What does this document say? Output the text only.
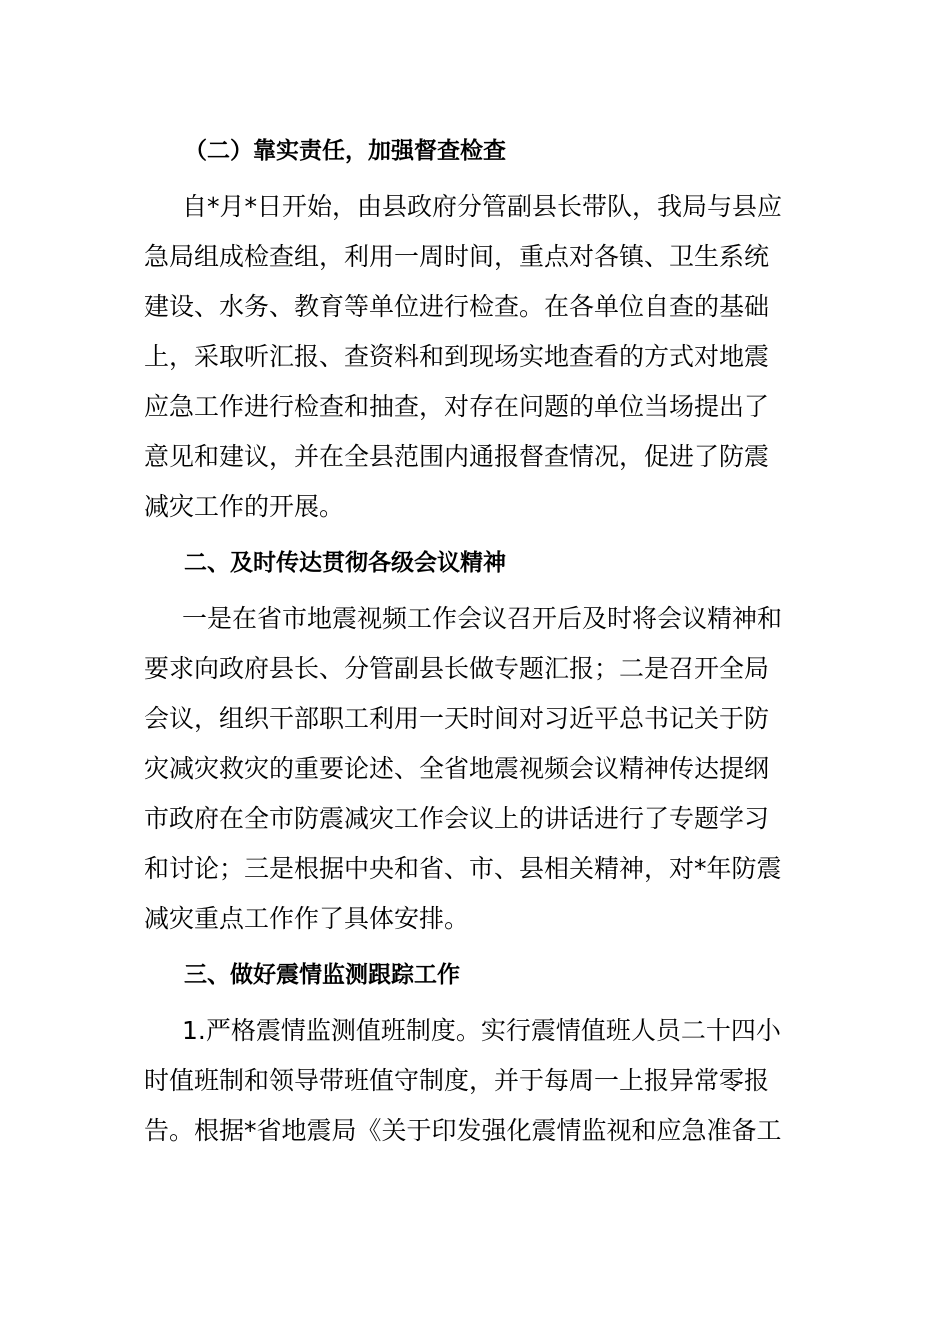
（二）靠实责任，加强督查检查
自*月*日开始，由县政府分管副县长带队，我局与县应
急局组成检查组，利用一周时间，重点对各镇、卫生系统
建设、水务、教育等单位进行检查。在各单位自查的基础
上，采取听汇报、查资料和到现场实地查看的方式对地震
应急工作进行检查和抽查，对存在问题的单位当场提出了
意见和建议，并在全县范围内通报督查情况，促进了防震
减灾工作的开展。
二、及时传达贯彻各级会议精神
一是在省市地震视频工作会议召开后及时将会议精神和
要求向政府县长、分管副县长做专题汇报；二是召开全局
会议，组织干部职工利用一天时间对习近平总书记关于防
灾减灾救灾的重要论述、全省地震视频会议精神传达提纲
市政府在全市防震减灾工作会议上的讲话进行了专题学习
和讨论；三是根据中央和省、市、县相关精神，对*年防震
减灾重点工作作了具体安排。
三、做好震情监测跟踪工作
1.严格震情监测值班制度。实行震情值班人员二十四小
时值班制和领导带班值守制度，并于每周一上报异常零报
告。根据*省地震局《关于印发强化震情监视和应急准备工
